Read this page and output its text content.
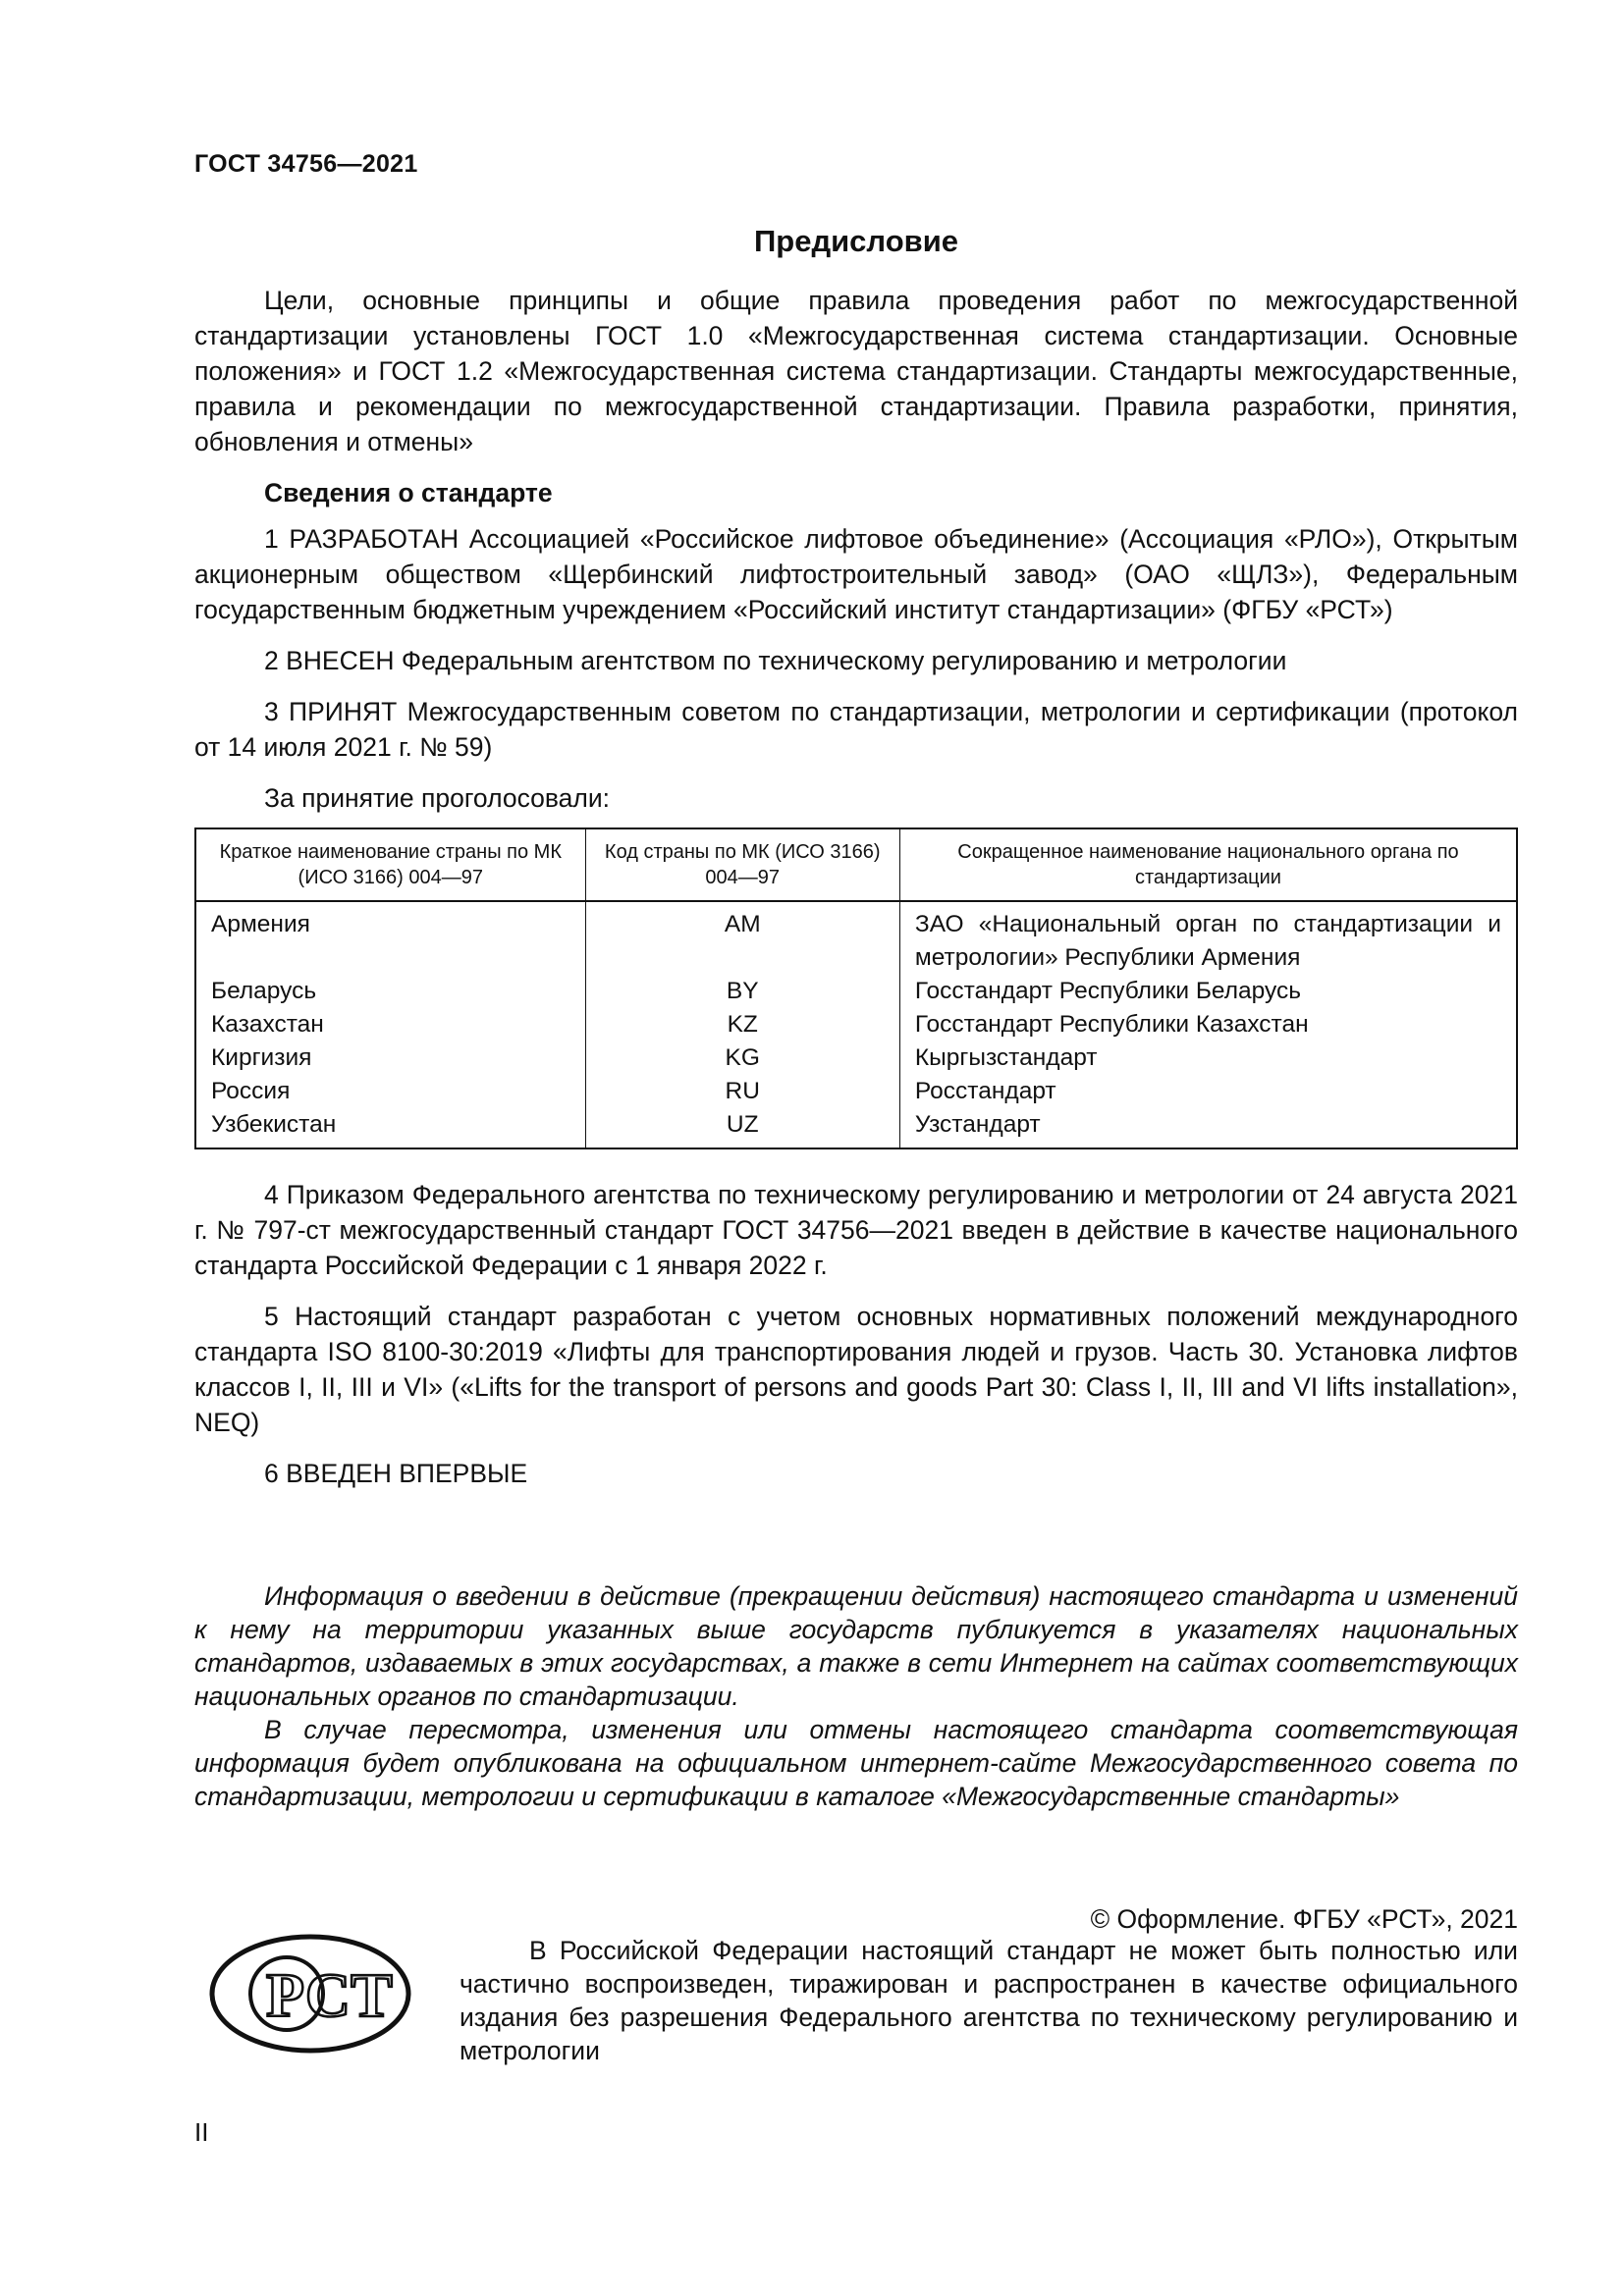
ГОСТ 34756—2021
Предисловие

Цели, основные принципы и общие правила проведения работ по межгосударственной стандартизации установлены ГОСТ 1.0 «Межгосударственная система стандартизации. Основные положения» и ГОСТ 1.2 «Межгосударственная система стандартизации. Стандарты межгосударственные, правила и рекомендации по межгосударственной стандартизации. Правила разработки, принятия, обновления и отмены»

Сведения о стандарте

1 РАЗРАБОТАН Ассоциацией «Российское лифтовое объединение» (Ассоциация «РЛО»), Открытым акционерным обществом «Щербинский лифтостроительный завод» (ОАО «ЩЛЗ»), Федеральным государственным бюджетным учреждением «Российский институт стандартизации» (ФГБУ «РСТ»)

2 ВНЕСЕН Федеральным агентством по техническому регулированию и метрологии

3 ПРИНЯТ Межгосударственным советом по стандартизации, метрологии и сертификации (протокол от 14 июля 2021 г. № 59)

За принятие проголосовали:
Краткое наименование страны по МК (ИСО 3166) 004—97	Код страны по МК (ИСО 3166) 004—97	Сокращенное наименование национального органа по стандартизации
Армения	AM	ЗАО «Национальный орган по стандартизации и метрологии» Республики Армения
Беларусь	BY	Госстандарт Республики Беларусь
Казахстан	KZ	Госстандарт Республики Казахстан
Киргизия	KG	Кыргызстандарт
Россия	RU	Росстандарт
Узбекистан	UZ	Узстандарт

4 Приказом Федерального агентства по техническому регулированию и метрологии от 24 августа 2021 г. № 797-ст межгосударственный стандарт ГОСТ 34756—2021 введен в действие в качестве национального стандарта Российской Федерации с 1 января 2022 г.

5 Настоящий стандарт разработан с учетом основных нормативных положений международного стандарта ISO 8100-30:2019 «Лифты для транспортирования людей и грузов. Часть 30. Установка лифтов классов I, II, III и VI» («Lifts for the transport of persons and goods Part 30: Class I, II, III and VI lifts installation», NEQ)

6 ВВЕДЕН ВПЕРВЫЕ

Информация о введении в действие (прекращении действия) настоящего стандарта и изменений к нему на территории указанных выше государств публикуется в указателях национальных стандартов, издаваемых в этих государствах, а также в сети Интернет на сайтах соответствующих национальных органов по стандартизации.

В случае пересмотра, изменения или отмены настоящего стандарта соответствующая информация будет опубликована на официальном интернет-сайте Межгосударственного совета по стандартизации, метрологии и сертификации в каталоге «Межгосударственные стандарты»

© Оформление. ФГБУ «РСТ», 2021
РСТ
В Российской Федерации настоящий стандарт не может быть полностью или частично воспроизведен, тиражирован и распространен в качестве официального издания без разрешения Федерального агентства по техническому регулированию и метрологии
II
